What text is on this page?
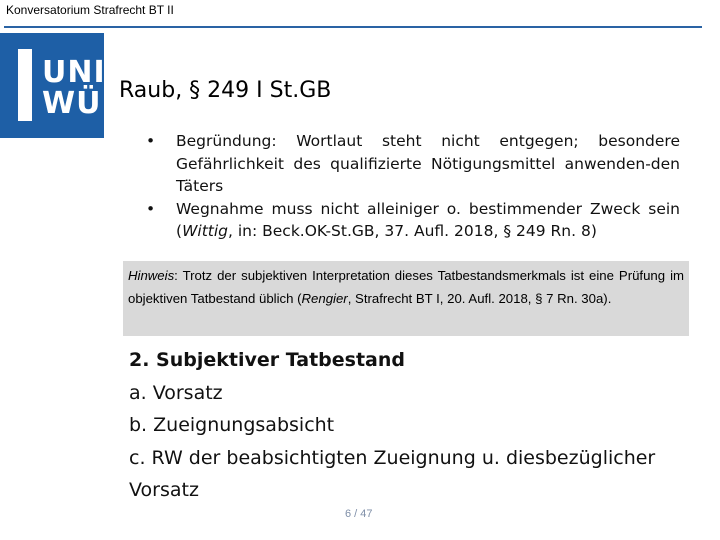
Konversatorium Strafrecht BT II
UNI
WÜ Raub, § 249 I St.GB
• Begründung: Wortlaut steht nicht entgegen; besondere Gefährlichkeit des qualifizierte Nötigungsmittel anwenden-den Täters
• Wegnahme muss nicht alleiniger o. bestimmender Zweck sein (Wittig, in: Beck.OK-St.GB, 37. Aufl. 2018, § 249 Rn. 8)
Hinweis: Trotz der subjektiven Interpretation dieses Tatbestandsmerkmals ist eine Prüfung im objektiven Tatbestand üblich (Rengier, Strafrecht BT I, 20. Aufl. 2018, § 7 Rn. 30a).
2. Subjektiver Tatbestand
a. Vorsatz
b. Zueignungsabsicht
c. RW der beabsichtigten Zueignung u. diesbezüglicher Vorsatz
6 / 47
